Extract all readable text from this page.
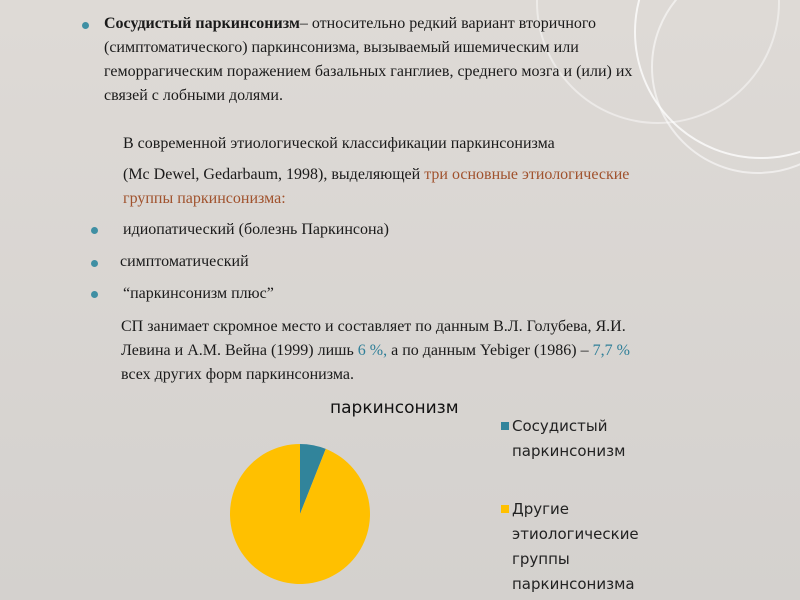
Сосудистый паркинсонизм– относительно редкий вариант вторичного
(симптоматического) паркинсонизма, вызываемый ишемическим или
геморрагическим поражением базальных ганглиев, среднего мозга и (или) их
связей с лобными долями.
В современной этиологической классификации паркинсонизма
(Mc Dewel, Gedarbaum, 1998), выделяющей три основные этиологические
группы паркинсонизма:
идиопатический (болезнь Паркинсона)
симптоматический
“паркинсонизм плюс”
СП занимает скромное место и составляет по данным В.Л. Голубева, Я.И.
Левина и А.М. Вейна (1999) лишь 6 %, а по данным Yebiger (1986) – 7,7 %
всех других форм паркинсонизма.
паркинсонизм
Сосудистый
паркинсонизм
Другие
этиологические
группы
паркинсонизма
